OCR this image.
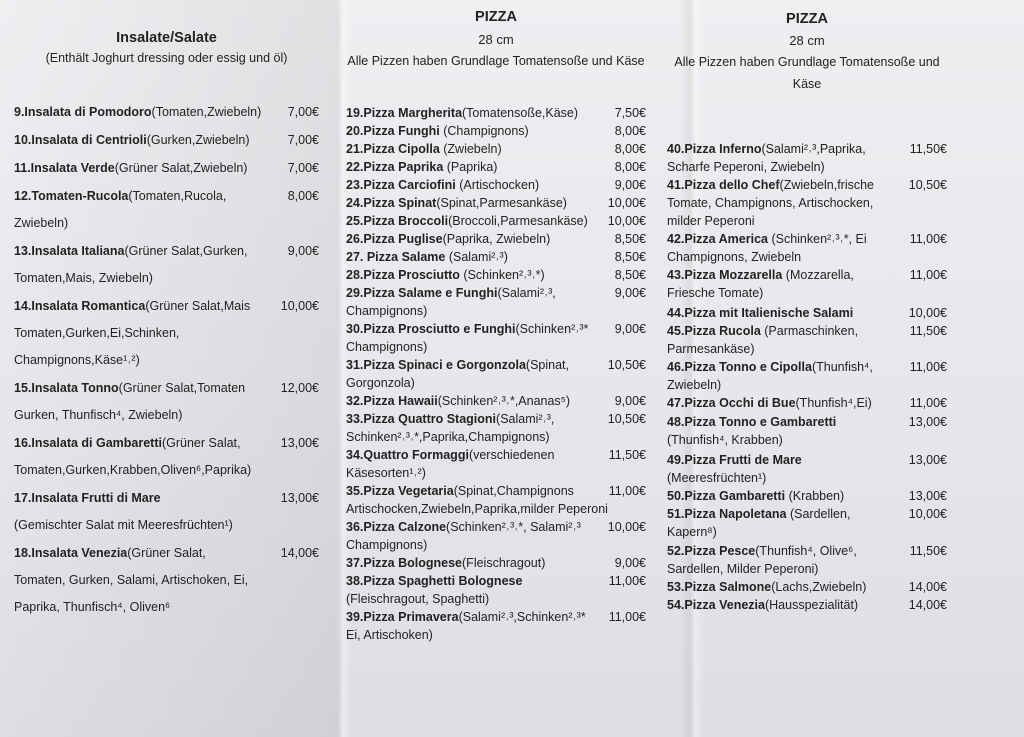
Insalate/Salate
(Enthält Joghurt dressing oder essig und öl)
9.Insalata di Pomodoro(Tomaten,Zwiebeln) 7,00€
10.Insalata di Centrioli(Gurken,Zwiebeln)	7,00€
11.Insalata Verde(Grüner Salat,Zwiebeln)	7,00€
12.Tomaten-Rucola(Tomaten,Rucola,	8,00€
Zwiebeln)
13.Insalata Italiana(Grüner Salat,Gurken,	9,00€
Tomaten,Mais, Zwiebeln)
14.Insalata Romantica(Grüner Salat,Mais 10,00€
Tomaten,Gurken,Ei,Schinken,
Champignons,Käse¹˒²)
15.Insalata Tonno(Grüner Salat,Tomaten	12,00€
Gurken, Thunfisch⁴, Zwiebeln)
16.Insalata di Gambaretti(Grüner Salat,	13,00€
Tomaten,Gurken,Krabben,Oliven⁶,Paprika)
17.Insalata Frutti di Mare	13,00€
(Gemischter Salat mit Meeresfrüchten¹)
18.Insalata Venezia(Grüner Salat,	14,00€
Tomaten, Gurken, Salami, Artischoken, Ei,
Paprika, Thunfisch⁴, Oliven⁶
PIZZA
28 cm
Alle Pizzen haben Grundlage Tomatensoße und Käse
19.Pizza Margherita(Tomatensoße,Käse)	7,50€
20.Pizza Funghi (Champignons)	8,00€
21.Pizza Cipolla (Zwiebeln)	8,00€
22.Pizza Paprika (Paprika)	8,00€
23.Pizza Carciofini (Artischocken)	9,00€
24.Pizza Spinat(Spinat,Parmesankäse)	10,00€
25.Pizza Broccoli(Broccoli,Parmesankäse) 10,00€
26.Pizza Puglise(Paprika, Zwiebeln)	8,50€
27. Pizza Salame (Salami²˒³)	8,50€
28.Pizza Prosciutto (Schinken²˒³˒*)	8,50€
29.Pizza Salame e Funghi(Salami²˒³,	9,00€
Champignons)
30.Pizza Prosciutto e Funghi(Schinken²˒³* 9,00€
Champignons)
31.Pizza Spinaci e Gorgonzola(Spinat,	10,50€
Gorgonzola)
32.Pizza Hawaii(Schinken²˒³˒*,Ananas⁵)	9,00€
33.Pizza Quattro Stagioni(Salami²˒³,	10,50€
Schinken²˒³˒*,Paprika,Champignons)
34.Quattro Formaggi(verschiedenen	11,50€
Käsesorten¹˒²)
35.Pizza Vegetaria(Spinat,Champignons	11,00€
Artischocken,Zwiebeln,Paprika,milder Peperoni
36.Pizza Calzone(Schinken²˒³˒*, Salami²˒³ 10,00€
Champignons)
37.Pizza Bolognese(Fleischragout)	9,00€
38.Pizza Spaghetti Bolognese	11,00€
(Fleischragout, Spaghetti)
39.Pizza Primavera(Salami²˒³,Schinken²˒³* 11,00€
Ei, Artischoken)
PIZZA
28 cm
Alle Pizzen haben Grundlage Tomatensoße und Käse
40.Pizza Inferno(Salami²˒³,Paprika,	11,50€
Scharfe Peperoni, Zwiebeln)
41.Pizza dello Chef(Zwiebeln,frische	10,50€
Tomate, Champignons, Artischocken,
milder Peperoni
42.Pizza America (Schinken²˒³˒*, Ei	11,00€
Champignons, Zwiebeln
43.Pizza Mozzarella (Mozzarella,	11,00€
Friesche Tomate)
44.Pizza mit Italienische Salami	10,00€
45.Pizza Rucola (Parmaschinken,	11,50€
Parmesankäse)
46.Pizza Tonno e Cipolla(Thunfish⁴,	11,00€
Zwiebeln)
47.Pizza Occhi di Bue(Thunfish⁴,Ei)	11,00€
48.Pizza Tonno e Gambaretti	13,00€
(Thunfish⁴, Krabben)
49.Pizza Frutti de Mare	13,00€
(Meeresfrüchten¹)
50.Pizza Gambaretti (Krabben)	13,00€
51.Pizza Napoletana (Sardellen,	10,00€
Kapern⁸)
52.Pizza Pesce(Thunfish⁴, Olive⁶,	11,50€
Sardellen, Milder Peperoni)
53.Pizza Salmone(Lachs,Zwiebeln)	14,00€
54.Pizza Venezia(Hausspezialität)	14,00€
